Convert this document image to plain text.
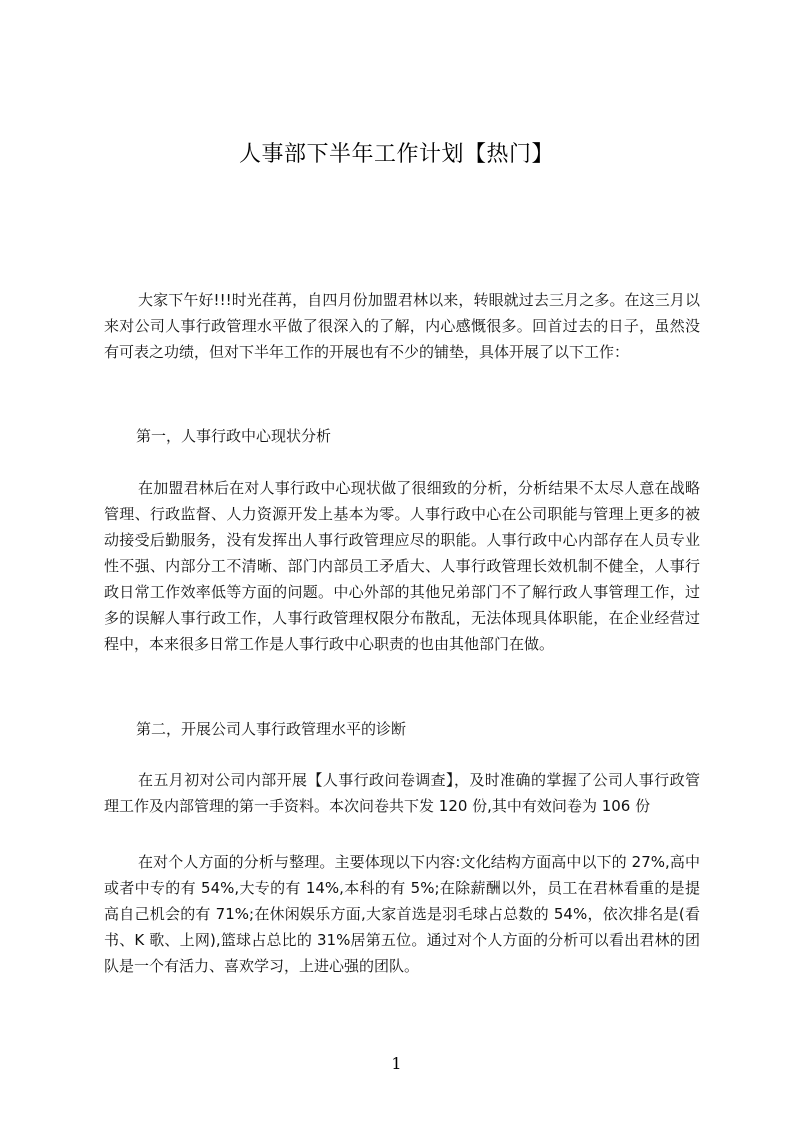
人事部下半年工作计划【热门】
大家下午好!!!时光荏苒，自四月份加盟君林以来，转眼就过去三月之多。在这三月以来对公司人事行政管理水平做了很深入的了解，内心感慨很多。回首过去的日子，虽然没有可表之功绩，但对下半年工作的开展也有不少的铺垫，具体开展了以下工作：
第一，人事行政中心现状分析
在加盟君林后在对人事行政中心现状做了很细致的分析，分析结果不太尽人意在战略管理、行政监督、人力资源开发上基本为零。人事行政中心在公司职能与管理上更多的被动接受后勤服务，没有发挥出人事行政管理应尽的职能。人事行政中心内部存在人员专业性不强、内部分工不清晰、部门内部员工矛盾大、人事行政管理长效机制不健全，人事行政日常工作效率低等方面的问题。中心外部的其他兄弟部门不了解行政人事管理工作，过多的误解人事行政工作，人事行政管理权限分布散乱，无法体现具体职能，在企业经营过程中，本来很多日常工作是人事行政中心职责的也由其他部门在做。
第二，开展公司人事行政管理水平的诊断
在五月初对公司内部开展【人事行政问卷调查】，及时准确的掌握了公司人事行政管理工作及内部管理的第一手资料。本次问卷共下发 120 份,其中有效问卷为 106 份
在对个人方面的分析与整理。主要体现以下内容:文化结构方面高中以下的 27%,高中或者中专的有 54%,大专的有 14%,本科的有 5%;在除薪酬以外，员工在君林看重的是提高自己机会的有 71%;在休闲娱乐方面,大家首选是羽毛球占总数的 54%，依次排名是(看书、K 歌、上网),篮球占总比的 31%居第五位。通过对个人方面的分析可以看出君林的团队是一个有活力、喜欢学习，上进心强的团队。
1
